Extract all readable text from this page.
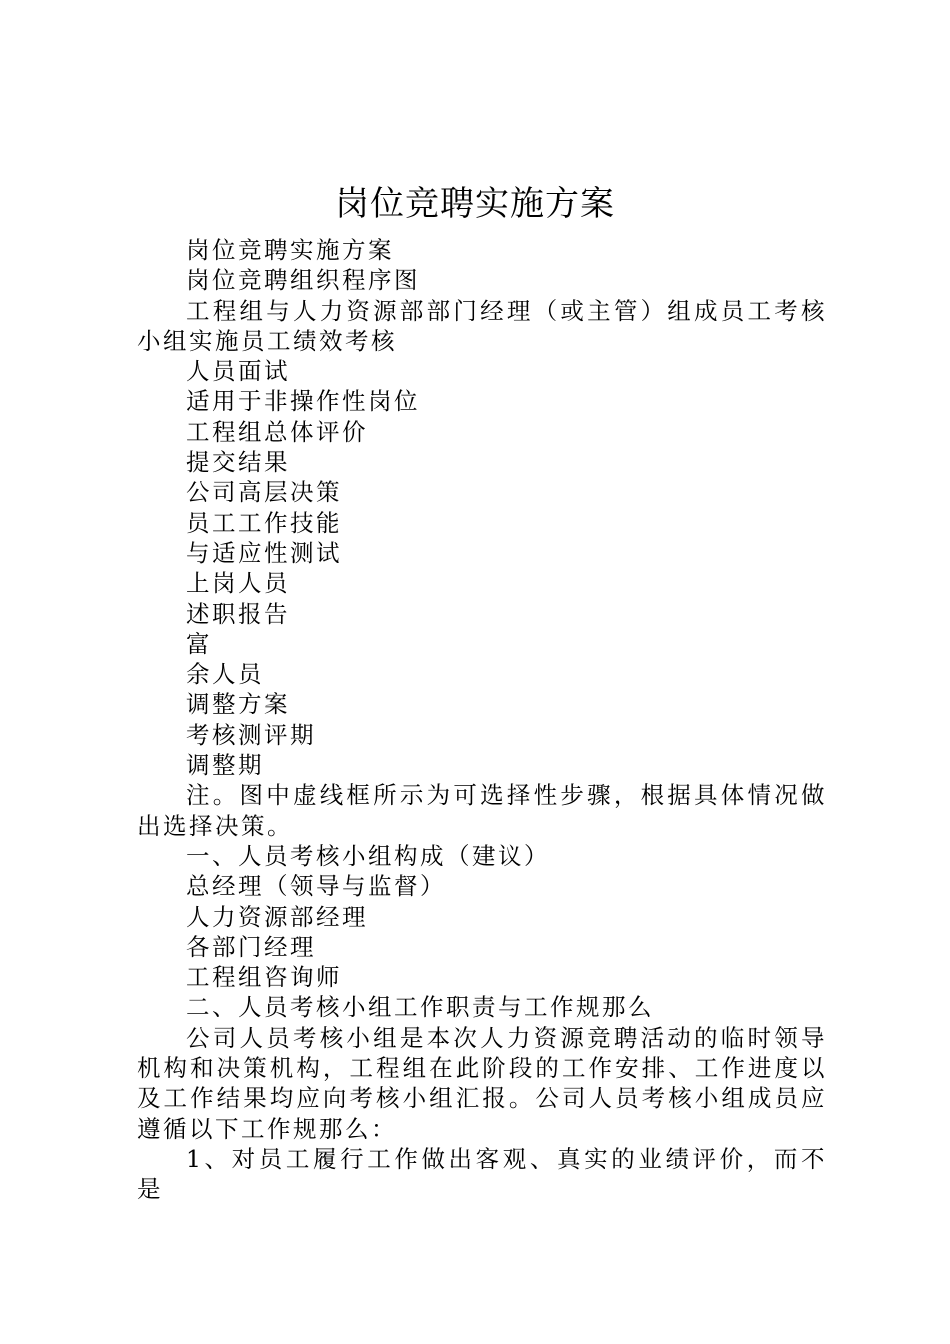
岗位竞聘实施方案

岗位竞聘实施方案

岗位竞聘组织程序图

工程组与人力资源部部门经理（或主管）组成员工考核小组实施员工绩效考核

人员面试

适用于非操作性岗位

工程组总体评价

提交结果

公司高层决策

员工工作技能

与适应性测试

上岗人员

述职报告

富

余人员

调整方案

考核测评期

调整期

注。图中虚线框所示为可选择性步骤，根据具体情况做出选择决策。

一、人员考核小组构成（建议）

总经理（领导与监督）

人力资源部经理

各部门经理

工程组咨询师

二、人员考核小组工作职责与工作规那么

公司人员考核小组是本次人力资源竞聘活动的临时领导机构和决策机构，工程组在此阶段的工作安排、工作进度以及工作结果均应向考核小组汇报。公司人员考核小组成员应遵循以下工作规那么：

1、对员工履行工作做出客观、真实的业绩评价，而不是
